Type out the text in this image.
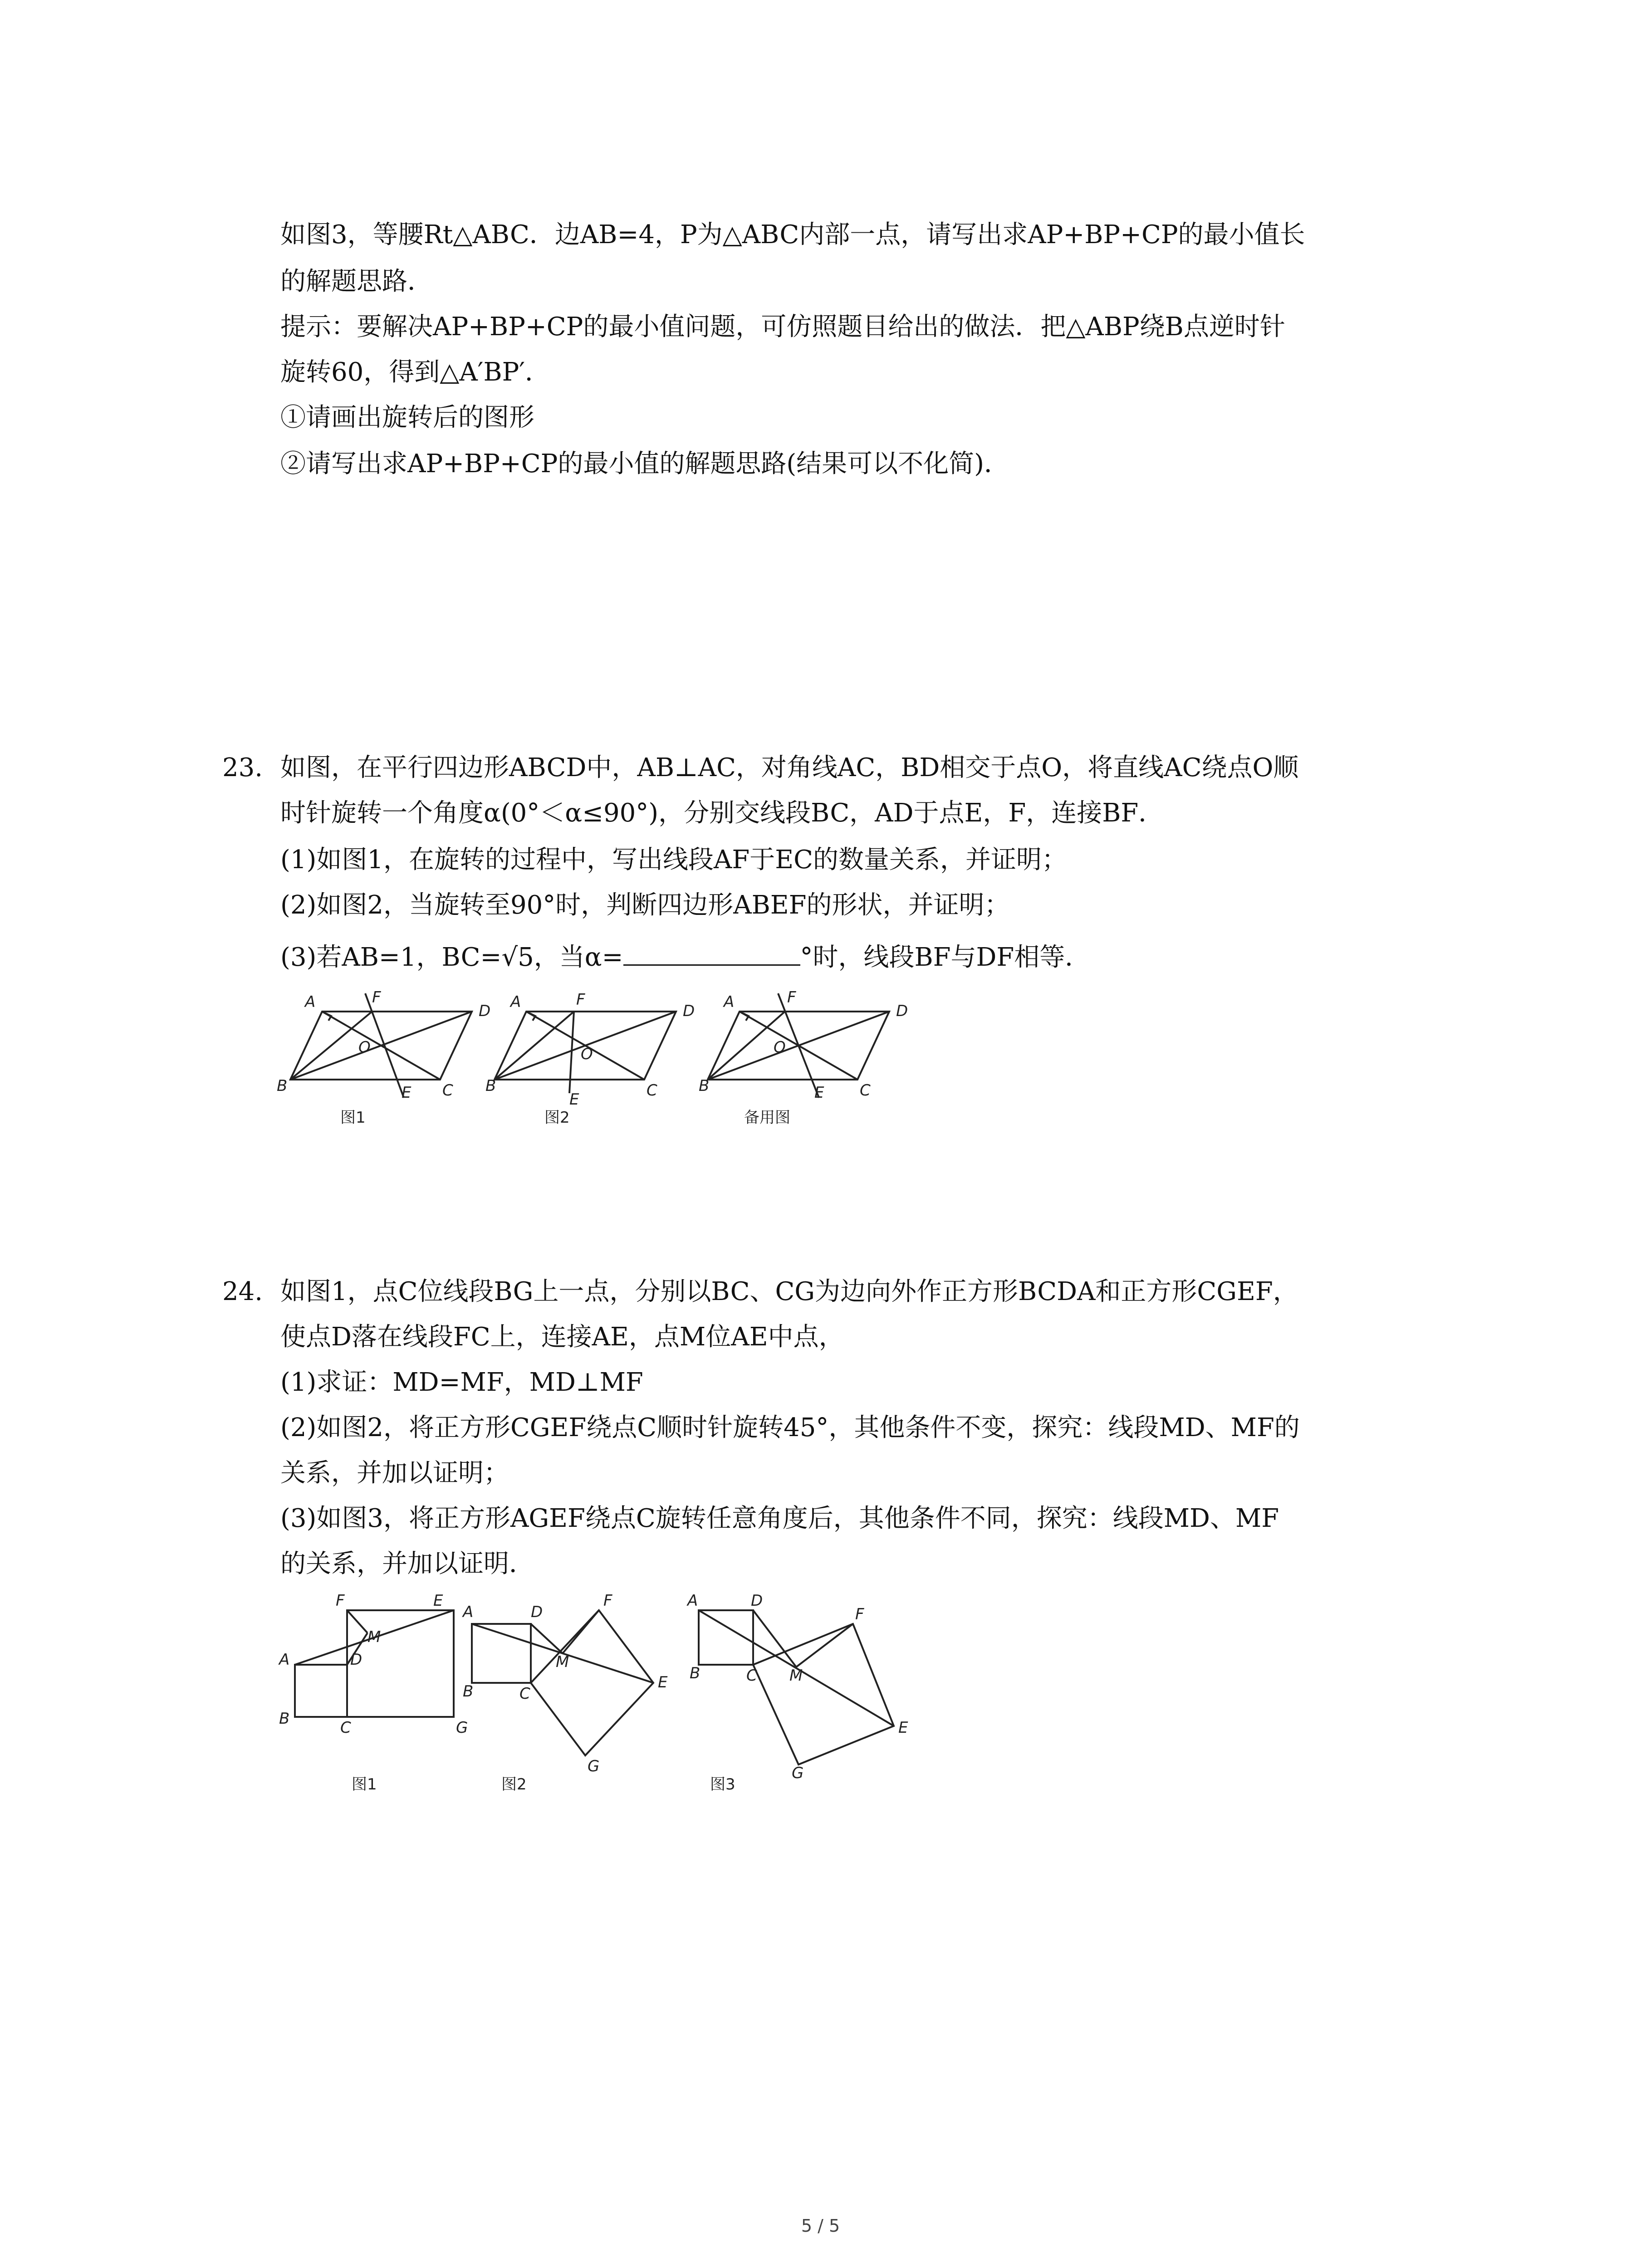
如图3，等腰Rt△ABC．边AB=4，P为△ABC内部一点，请写出求AP+BP+CP的最小值长
的解题思路．
提示：要解决AP+BP+CP的最小值问题，可仿照题目给出的做法．把△ABP绕B点逆时针
旋转60，得到△A′BP′．
①请画出旋转后的图形
②请写出求AP+BP+CP的最小值的解题思路(结果可以不化简)．
23. 如图，在平行四边形ABCD中，AB⊥AC，对角线AC，BD相交于点O，将直线AC绕点O顺
时针旋转一个角度α(0°＜α≤90°)，分别交线段BC，AD于点E，F，连接BF．
(1)如图1，在旋转的过程中，写出线段AF于EC的数量关系，并证明；
(2)如图2，当旋转至90°时，判断四边形ABEF的形状，并证明；
(3)若AB=1，BC=√5，当α=	°时，线段BF与DF相等．
A
B	C
D
E
F
O
图1
A
B	C
D
E
F
O
图2
A
B	C
D
E
F
O
备用图
24. 如图1，点C位线段BG上一点，分别以BC、CG为边向外作正方形BCDA和正方形CGEF，
使点D落在线段FC上，连接AE，点M位AE中点，
(1)求证：MD=MF，MD⊥MF
(2)如图2，将正方形CGEF绕点C顺时针旋转45°，其他条件不变，探究：线段MD、MF的
关系，并加以证明；
(3)如图3，将正方形AGEF绕点C旋转任意角度后，其他条件不同，探究：线段MD、MF
的关系，并加以证明．
A
B	C
D
E
F
G
M
图1
A
B	C
D
E
F
G
M
图2
A	D
B	C
E
F
G
M
图3
5 / 5
